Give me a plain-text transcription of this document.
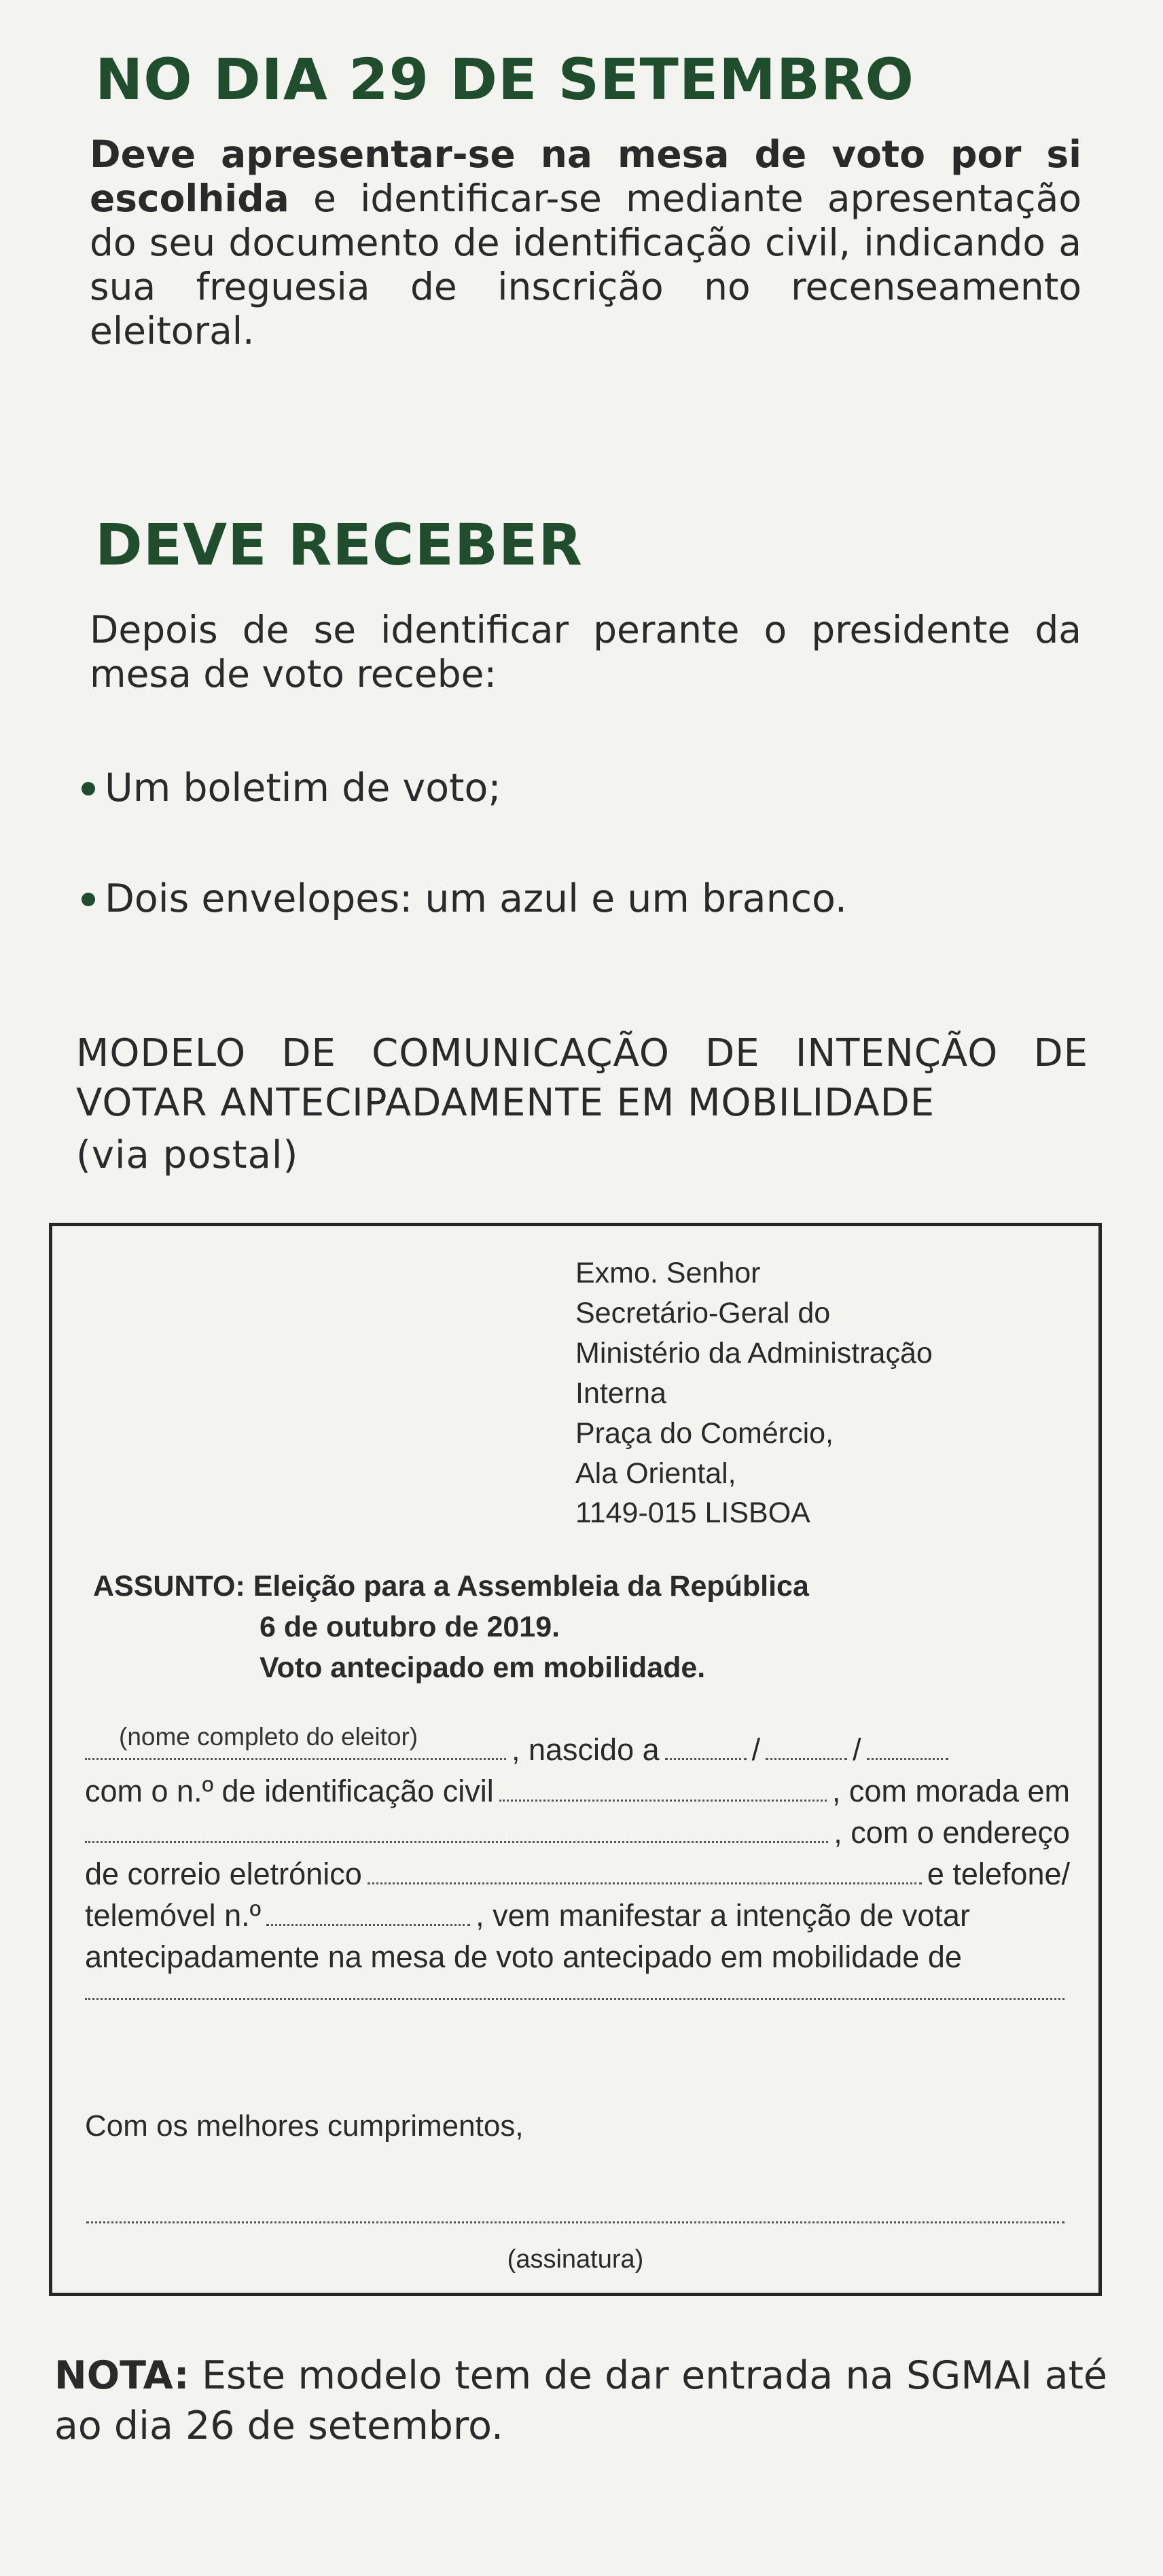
NO DIA 29 DE SETEMBRO

Deve apresentar-se na mesa de voto por si escolhida e identificar-se mediante apresentação do seu documento de identificação civil, indicando a sua freguesia de inscrição no recenseamento eleitoral.

DEVE RECEBER

Depois de se identificar perante o presidente da mesa de voto recebe:

Um boletim de voto;
Dois envelopes: um azul e um branco.

MODELO DE COMUNICAÇÃO DE INTENÇÃO DE VOTAR ANTECIPADAMENTE EM MOBILIDADE

(via postal)

Exmo. Senhor
Secretário-Geral do
Ministério da Administração
Interna
Praça do Comércio,
Ala Oriental,
1149-015 LISBOA
ASSUNTO: Eleição para a Assembleia da República
6 de outubro de 2019.
Voto antecipado em mobilidade.
(nome completo do eleitor)	, nascido a	/	/
com o n.º de identificação civil	, com morada em
, com o endereço
de correio eletrónico	e telefone/
telemóvel n.º	, vem manifestar a intenção de votar
antecipadamente na mesa de voto antecipado em mobilidade de
Com os melhores cumprimentos,
(assinatura)

NOTA: Este modelo tem de dar entrada na SGMAI até ao dia 26 de setembro.
